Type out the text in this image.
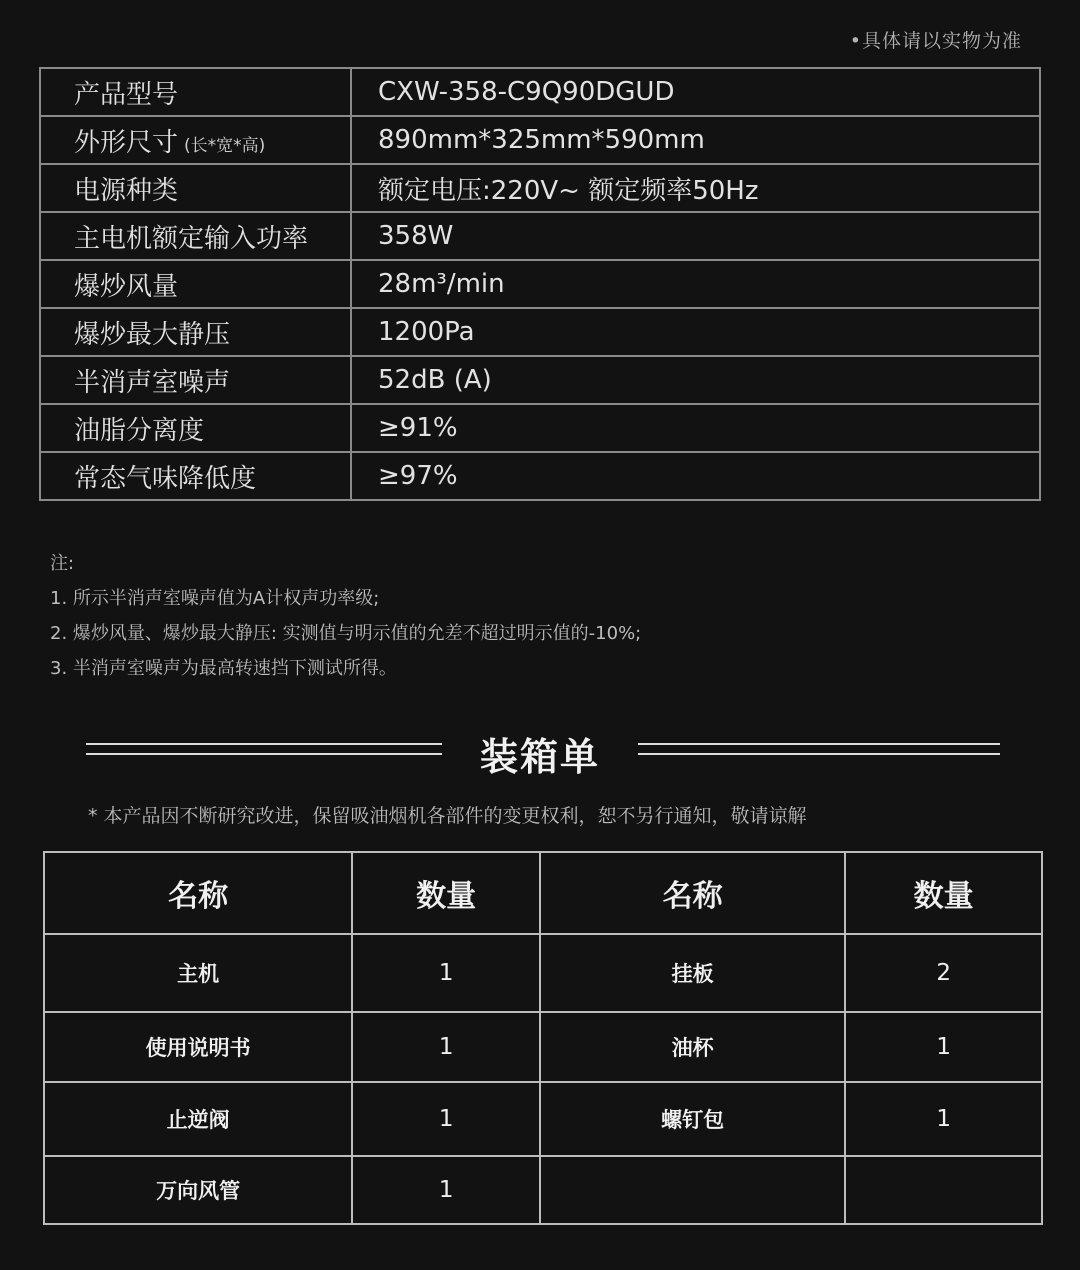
•具体请以实物为准
产品型号	CXW-358-C9Q90DGUD
外形尺寸 (长*宽*高)	890mm*325mm*590mm
电源种类	额定电压:220V~ 额定频率50Hz
主电机额定输入功率	358W
爆炒风量	28m³/min
爆炒最大静压	1200Pa
半消声室噪声	52dB (A)
油脂分离度	≥91%
常态气味降低度	≥97%
注:
1. 所示半消声室噪声值为A计权声功率级;
2. 爆炒风量、爆炒最大静压: 实测值与明示值的允差不超过明示值的-10%;
3. 半消声室噪声为最高转速挡下测试所得。
装箱单
* 本产品因不断研究改进，保留吸油烟机各部件的变更权利，恕不另行通知，敬请谅解
名称	数量	名称	数量
主机	1	挂板	2
使用说明书	1	油杯	1
止逆阀	1	螺钉包	1
万向风管	1		
